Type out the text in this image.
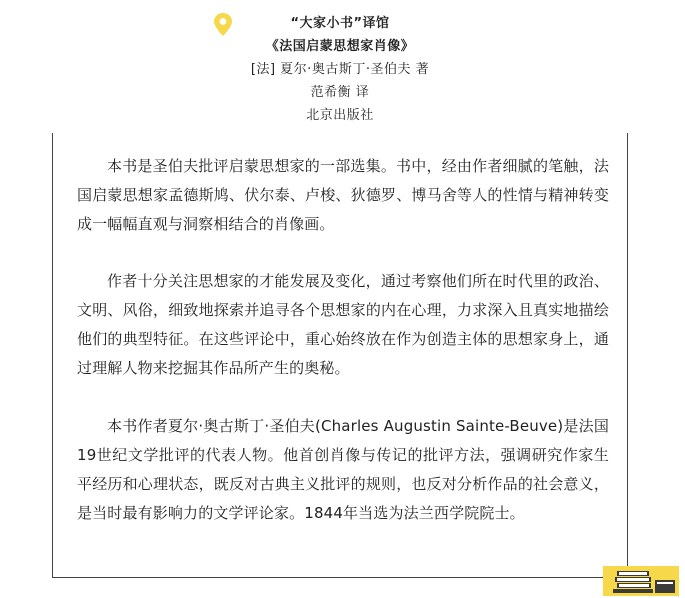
“大家小书”译馆
《法国启蒙思想家肖像》
[法] 夏尔·奥古斯丁·圣伯夫 著
范希衡 译
北京出版社

本书是圣伯夫批评启蒙思想家的一部选集。书中，经由作者细腻的笔触，法国启蒙思想家孟德斯鸠、伏尔泰、卢梭、狄德罗、博马舍等人的性情与精神转变成一幅幅直观与洞察相结合的肖像画。

作者十分关注思想家的才能发展及变化，通过考察他们所在时代里的政治、文明、风俗，细致地探索并追寻各个思想家的内在心理，力求深入且真实地描绘他们的典型特征。在这些评论中，重心始终放在作为创造主体的思想家身上，通过理解人物来挖掘其作品所产生的奥秘。

本书作者夏尔·奥古斯丁·圣伯夫(Charles Augustin Sainte-Beuve)是法国19世纪文学批评的代表人物。他首创肖像与传记的批评方法，强调研究作家生平经历和心理状态，既反对古典主义批评的规则，也反对分析作品的社会意义，是当时最有影响力的文学评论家。1844年当选为法兰西学院院士。
